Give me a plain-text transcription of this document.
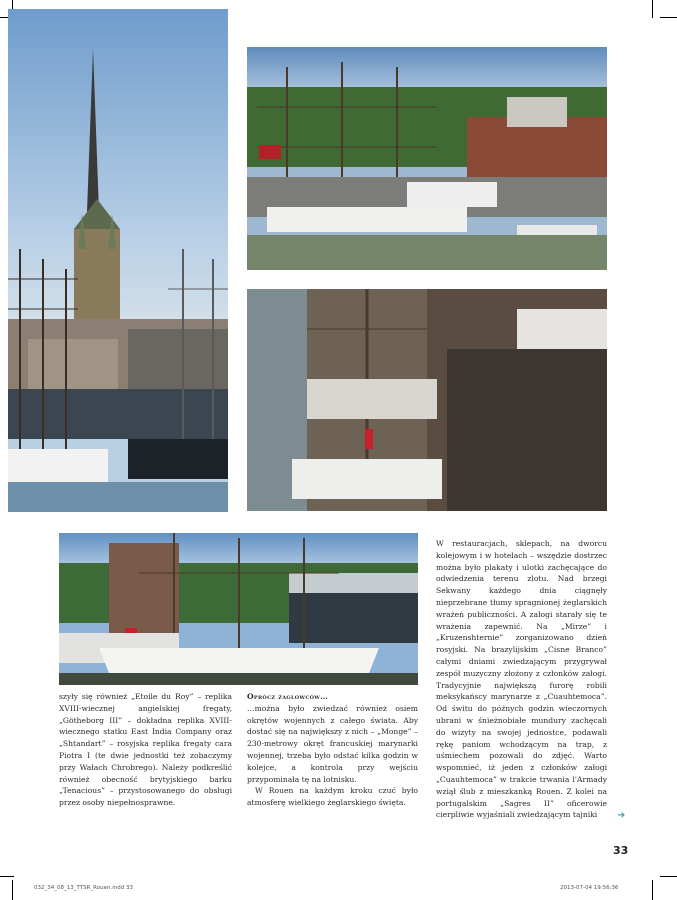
szyły się również „Etoile du Roy” – replika XVIII-wiecznej angielskiej fregaty, „Götheborg III” – dokładna replika XVIII-wiecznego statku East India Company oraz „Shtandart” – rosyjska replika fregaty cara Piotra I (te dwie jednostki też zobaczymy przy Wałach Chrobrego). Należy podkreślić również obecność brytyjskiego barku „Tenacious” – przystosowanego do obsługi przez osoby niepełnosprawne.

Oprócz żaglowców…

…można było zwiedzać również osiem okrętów wojennych z całego świata. Aby dostać się na największy z nich – „Monge” – 230-metrowy okręt francuskiej marynarki wojennej, trzeba było odstać kilka godzin w kolejce, a kontrola przy wejściu przypominała tę na lotnisku.

W Rouen na każdym kroku czuć było atmosferę wielkiego żeglarskiego święta.

W restauracjach, sklepach, na dworcu kolejowym i w hotelach – wszędzie dostrzec można było plakaty i ulotki zachęcające do odwiedzenia terenu zlotu. Nad brzegi Sekwany każdego dnia ciągnęły nieprzebrane tłumy spragnionej żeglarskich wrażeń publiczności. A załogi starały się te wrażenia zapewnić. Na „Mirze” i „Kruzenshternie” zorganizowano dzień rosyjski. Na brazylijskim „Cisne Branco” całymi dniami zwiedzającym przygrywał zespół muzyczny złożony z członków załogi. Tradycyjnie największą furorę robili meksykańscy marynarze z „Cuauhtemoca”. Od świtu do późnych godzin wieczornych ubrani w śnieżnobiałe mundury zachęcali do wizyty na swojej jednostce, podawali rękę paniom wchodzącym na trap, z uśmiechem pozowali do zdjęć. Warto wspomnieć, iż jeden z członków załogi „Cuauhtemoca” w trakcie trwania l'Armady wziął ślub z mieszkanką Rouen. Z kolei na portugalskim „Sagres II” oficerowie cierpliwie wyjaśniali zwiedzającym tajniki	➜
33
032_34_08_13_TTSR_Rouen.indd 33	2013-07-04 19:56:36
